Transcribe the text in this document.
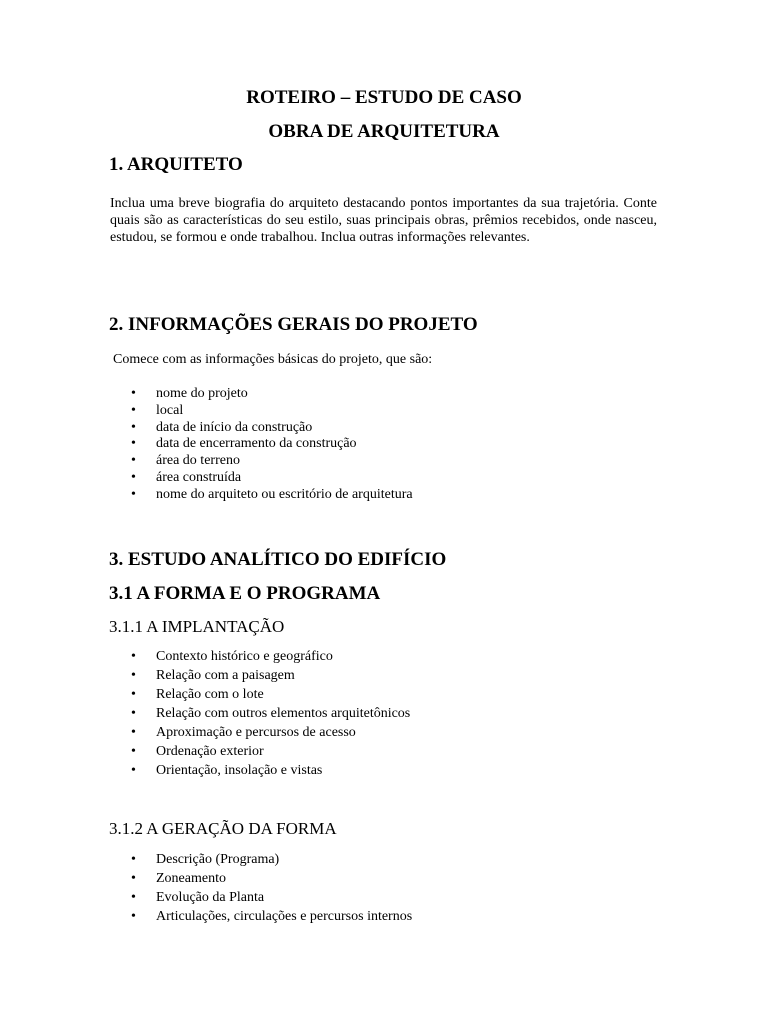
ROTEIRO – ESTUDO DE CASO
OBRA DE ARQUITETURA
1. ARQUITETO

Inclua uma breve biografia do arquiteto destacando pontos importantes da sua trajetória. Conte quais são as características do seu estilo, suas principais obras, prêmios recebidos, onde nasceu, estudou, se formou e onde trabalhou. Inclua outras informações relevantes.

2. INFORMAÇÕES GERAIS DO PROJETO

Comece com as informações básicas do projeto, que são:

• nome do projeto
• local
• data de início da construção
• data de encerramento da construção
• área do terreno
• área construída
• nome do arquiteto ou escritório de arquitetura
3. ESTUDO ANALÍTICO DO EDIFÍCIO
3.1 A FORMA E O PROGRAMA
3.1.1 A IMPLANTAÇÃO
• Contexto histórico e geográfico
• Relação com a paisagem
• Relação com o lote
• Relação com outros elementos arquitetônicos
• Aproximação e percursos de acesso
• Ordenação exterior
• Orientação, insolação e vistas
3.1.2 A GERAÇÃO DA FORMA
• Descrição (Programa)
• Zoneamento
• Evolução da Planta
• Articulações, circulações e percursos internos
